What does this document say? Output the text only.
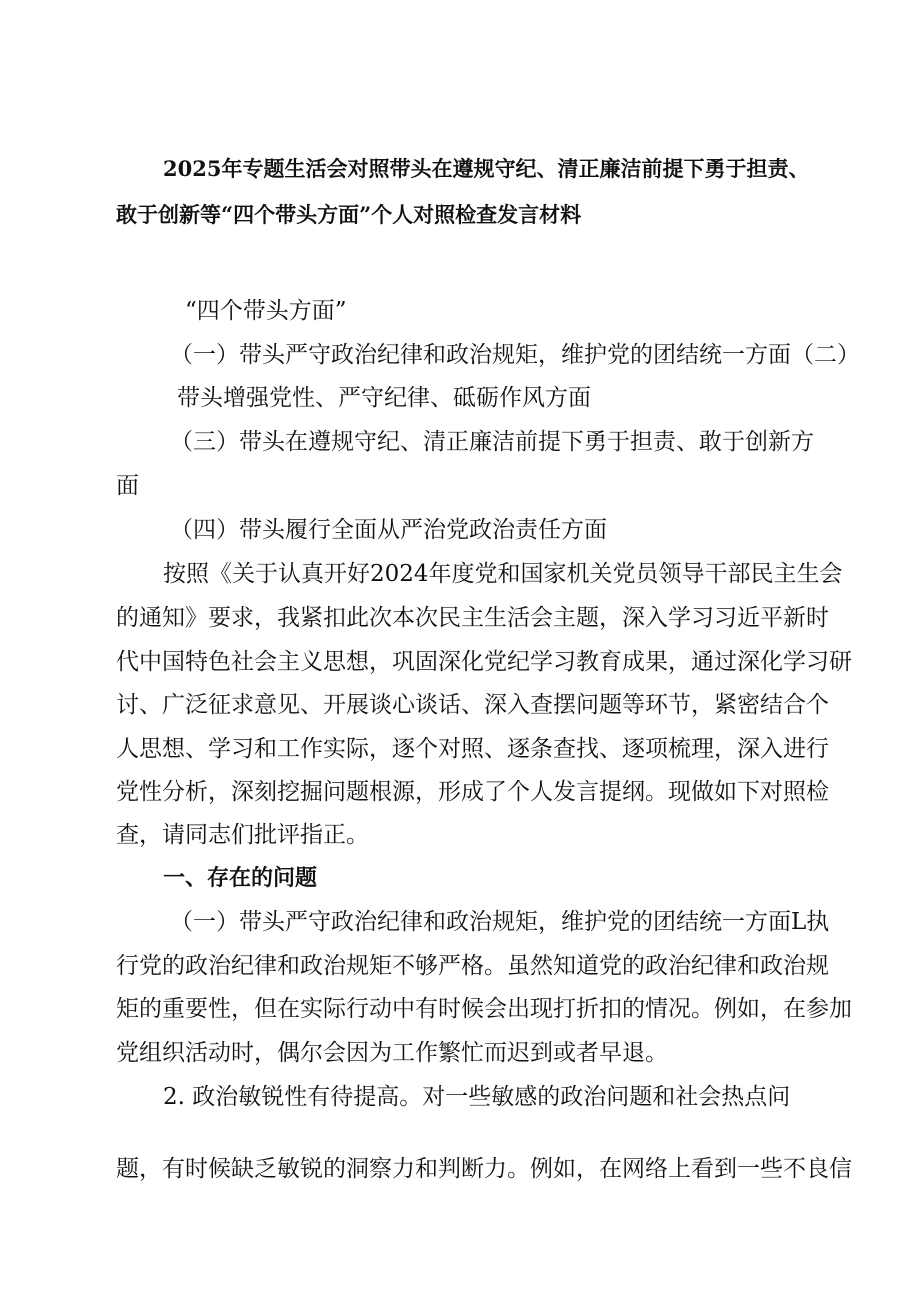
2025年专题生活会对照带头在遵规守纪、清正廉洁前提下勇于担责、
敢于创新等“四个带头方面”个人对照检查发言材料
“四个带头方面”
（一）带头严守政治纪律和政治规矩，维护党的团结统一方面（二）
带头增强党性、严守纪律、砥砺作风方面
（三）带头在遵规守纪、清正廉洁前提下勇于担责、敢于创新方
面
（四）带头履行全面从严治党政治责任方面
按照《关于认真开好2024年度党和国家机关党员领导干部民主生会
的通知》要求，我紧扣此次本次民主生活会主题，深入学习习近平新时
代中国特色社会主义思想，巩固深化党纪学习教育成果，通过深化学习研
讨、广泛征求意见、开展谈心谈话、深入查摆问题等环节，紧密结合个
人思想、学习和工作实际，逐个对照、逐条查找、逐项梳理，深入进行
党性分析，深刻挖掘问题根源，形成了个人发言提纲。现做如下对照检
查，请同志们批评指正。
一、存在的问题
（一）带头严守政治纪律和政治规矩，维护党的团结统一方面L执
行党的政治纪律和政治规矩不够严格。虽然知道党的政治纪律和政治规
矩的重要性，但在实际行动中有时候会出现打折扣的情况。例如，在参加
党组织活动时，偶尔会因为工作繁忙而迟到或者早退。
2. 政治敏锐性有待提高。对一些敏感的政治问题和社会热点问
题，有时候缺乏敏锐的洞察力和判断力。例如，在网络上看到一些不良信
